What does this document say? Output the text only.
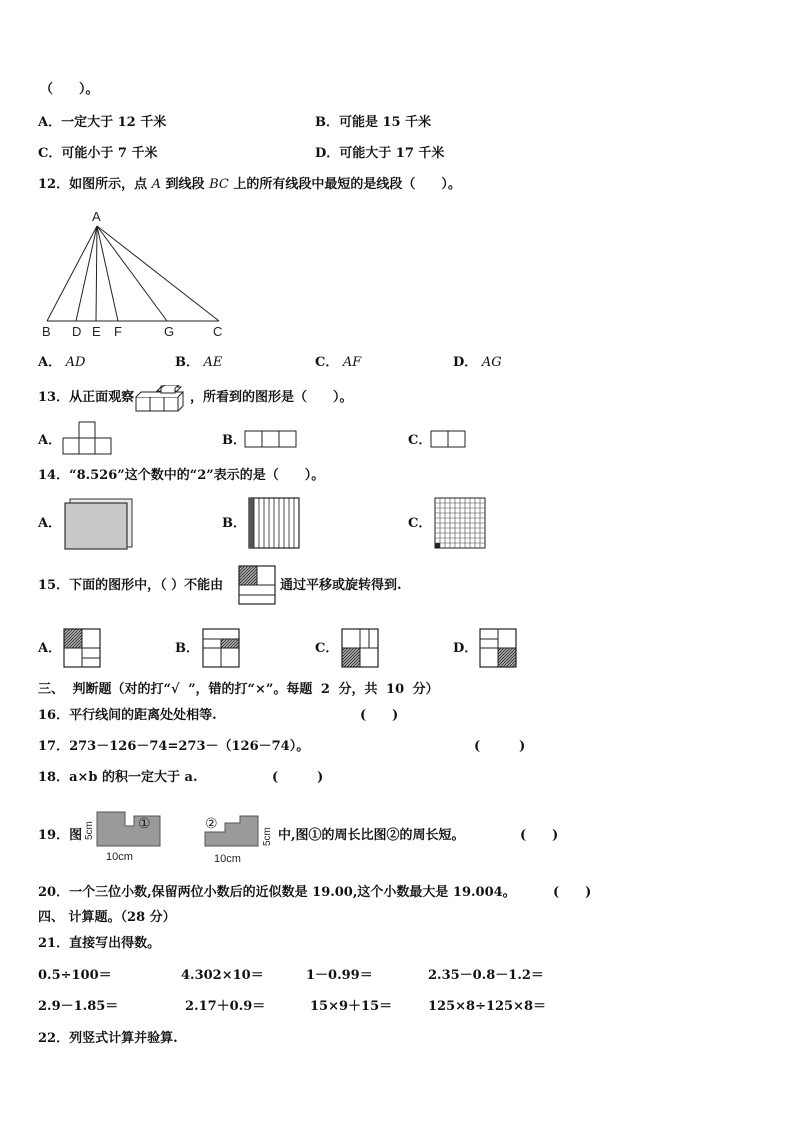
（　　）。
A．一定大于 12 千米	B．可能是 15 千米
C．可能小于 7 千米	D．可能大于 17 千米
12．如图所示，点 A 到线段 BC 上的所有线段中最短的是线段（　　）。
A
B D E F	G	C
A． AD	B． AE	C． AF	D． AG
13．从正面观察	，所看到的图形是（　　）。
A．	B．	C．
14．“8.526”这个数中的“2”表示的是（　　）。
A．	B．	C．
15．下面的图形中，（ ）不能由	通过平移或旋转得到.
A．	B．	C．	D．
三、 判断题（对的打“√ ”，错的打“×”。每题 2 分，共 10 分）
16．平行线间的距离处处相等.	(　　)
17．273－126－74=273－（126－74）。	(　　　)
18．a×b 的积一定大于 a.	(　　　)
19．图
①
5cm
10cm
②
5cm
10cm
中,图①的周长比图②的周长短。	(　　)
20．一个三位小数,保留两位小数后的近似数是 19.00,这个小数最大是 19.004。	(　　)
四、 计算题。（28 分）
21．直接写出得数。
0.5÷100＝	4.302×10＝	1－0.99＝	2.35－0.8－1.2＝
2.9－1.85＝	2.17＋0.9＝	15×9＋15＝	125×8÷125×8＝
22．列竖式计算并验算.
